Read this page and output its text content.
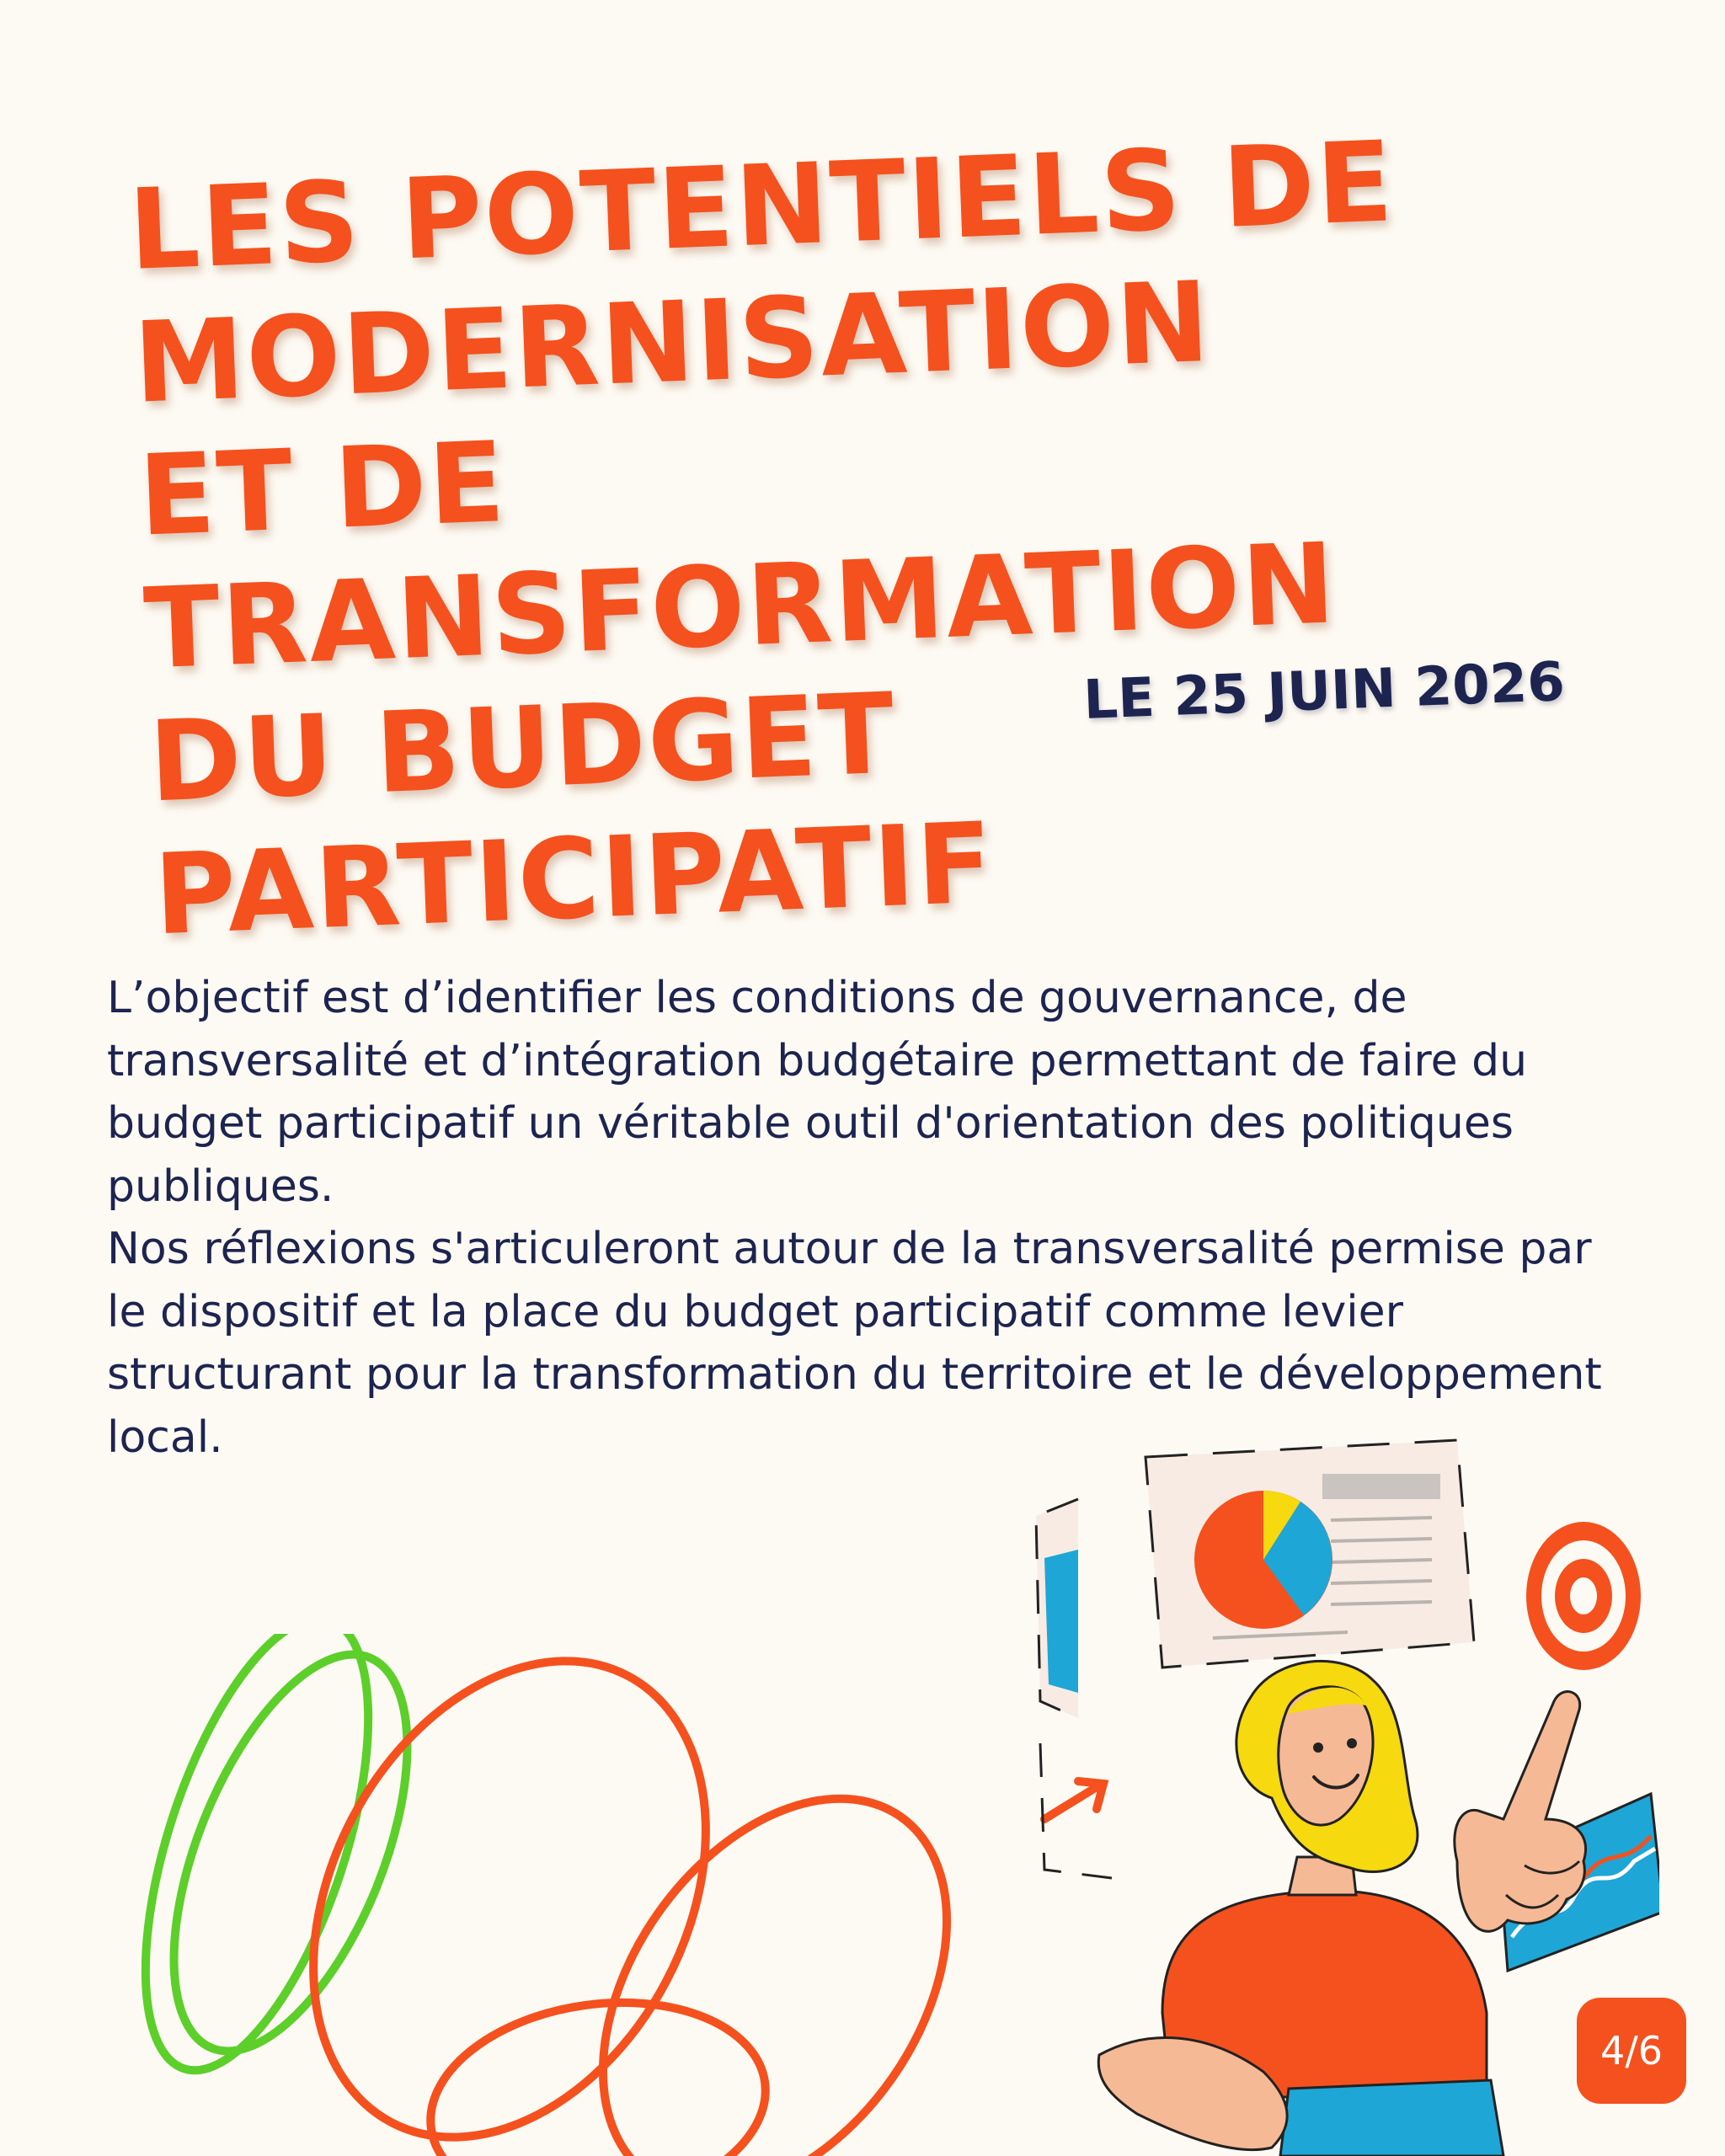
LES POTENTIELS DE
MODERNISATION
ET DE
TRANSFORMATION
DU BUDGET
PARTICIPATIF
LE 25 JUIN 2026

L’objectif est d’identifier les conditions de gouvernance, de transversalité et d’intégration budgétaire permettant de faire du budget participatif un véritable outil d'orientation des politiques publiques.

Nos réflexions s'articuleront autour de la transversalité permise par le dispositif et la place du budget participatif comme levier structurant pour la transformation du territoire et le développement local.

4/6
